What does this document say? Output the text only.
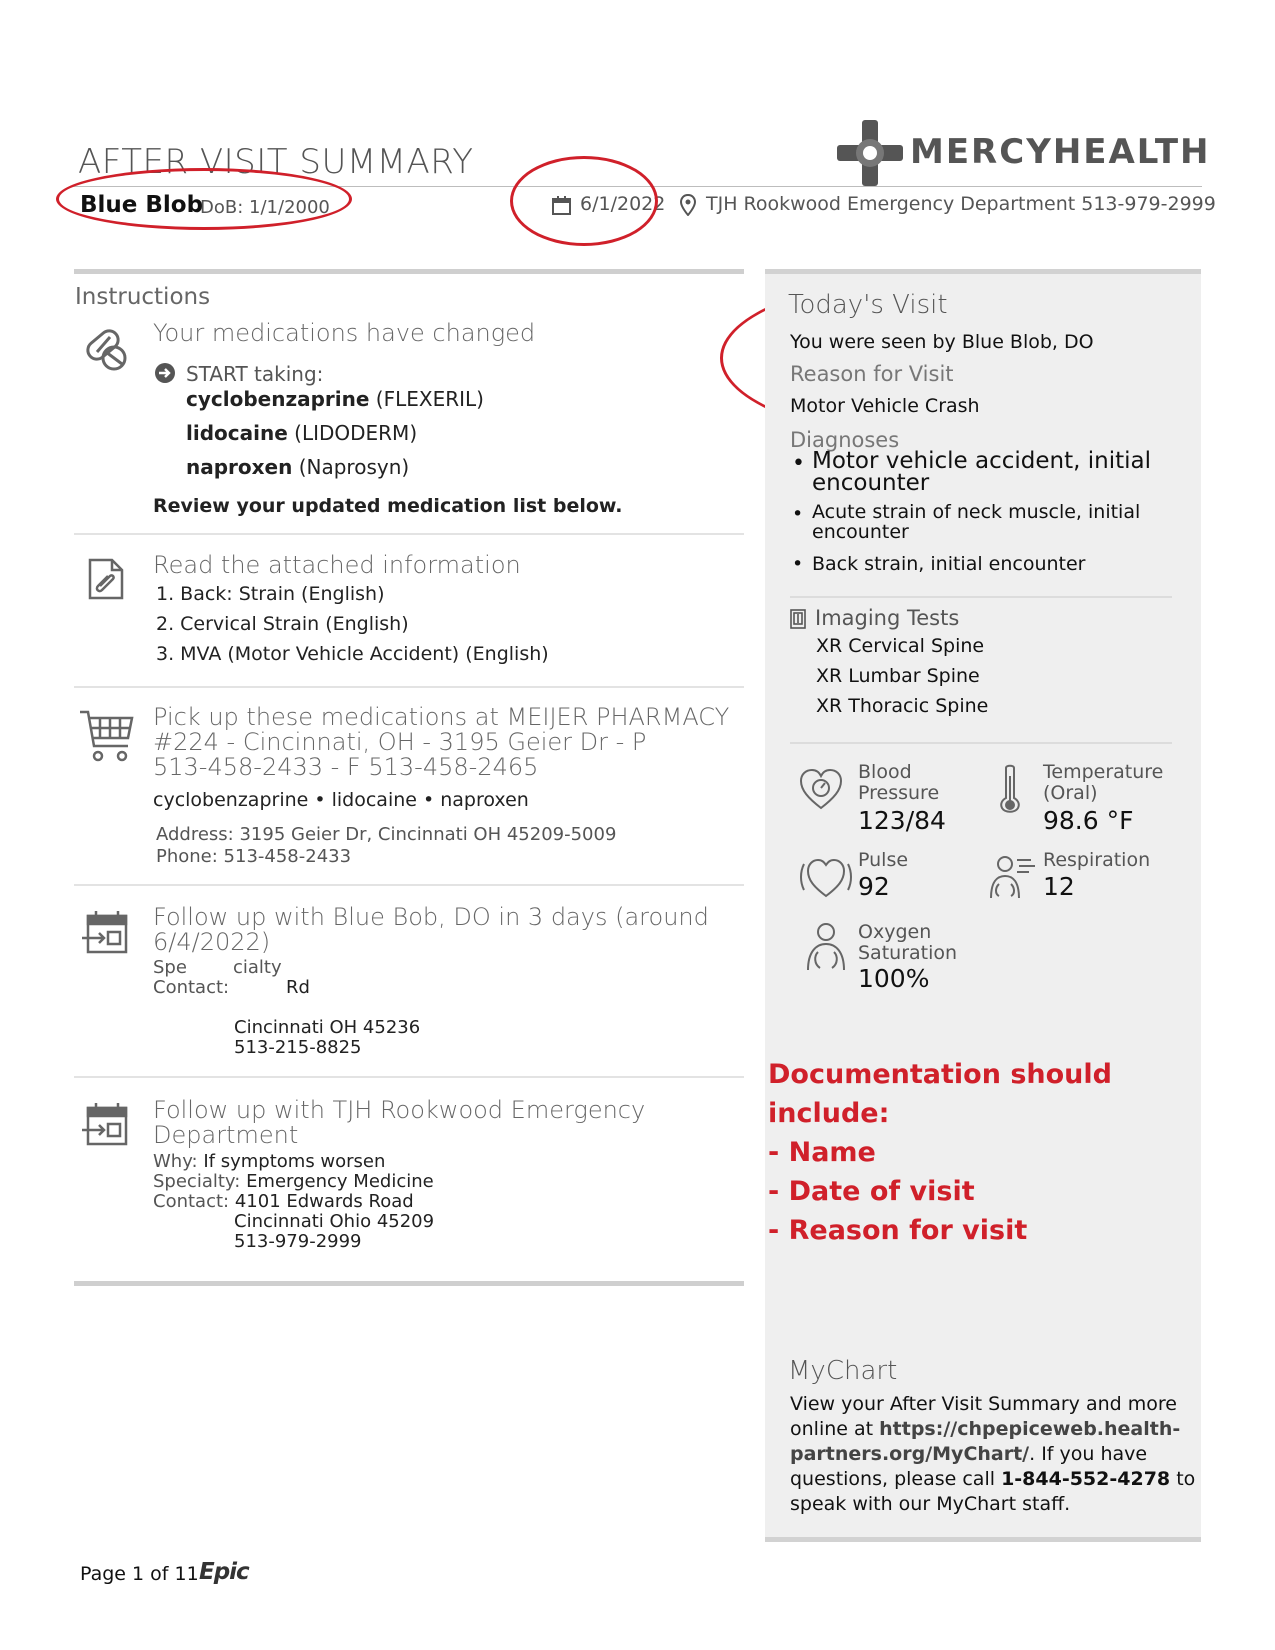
AFTER VISIT SUMMARY	MERCYHEALTH
Blue Blob
DoB: 1/1/2000	6/1/2022 TJH Rookwood Emergency Department 513-979-2999
Instructions
Your medications have changed
START taking:
cyclobenzaprine (FLEXERIL)
lidocaine (LIDODERM)
naproxen (Naprosyn)
Review your updated medication list below.
Read the attached information
1. Back: Strain (English)
2. Cervical Strain (English)
3. MVA (Motor Vehicle Accident) (English)
Pick up these medications at MEIJER PHARMACY
#224 - Cincinnati, OH - 3195 Geier Dr - P
513-458-2433 - F 513-458-2465
cyclobenzaprine • lidocaine • naproxen
Address: 3195 Geier Dr, Cincinnati OH 45209-5009
Phone: 513-458-2433
Follow up with Blue Bob, DO in 3 days (around
6/4/2022)
Spe	cialty
Contact:	Rd
Cincinnati OH 45236
513-215-8825
Follow up with TJH Rookwood Emergency
Department
Why: If symptoms worsen
Specialty: Emergency Medicine
Contact: 4101 Edwards Road
Cincinnati Ohio 45209
513-979-2999
Today's Visit
You were seen by Blue Blob, DO
Reason for Visit
Motor Vehicle Crash
Diagnoses
• Motor vehicle accident, initial
encounter
• Acute strain of neck muscle, initial
encounter
• Back strain, initial encounter
Imaging Tests
XR Cervical Spine
XR Lumbar Spine
XR Thoracic Spine
Blood
Pressure
123/84
Temperature
(Oral)
98.6 °F
Pulse
92
Respiration
12
Oxygen
Saturation
100%
Documentation should
include:
- Name
- Date of visit
- Reason for visit
MyChart
View your After Visit Summary and more
online at https://chpepiceweb.health-
partners.org/MyChart/. If you have
questions, please call 1-844-552-4278 to
speak with our MyChart staff.
Page 1 of 11 Epic
